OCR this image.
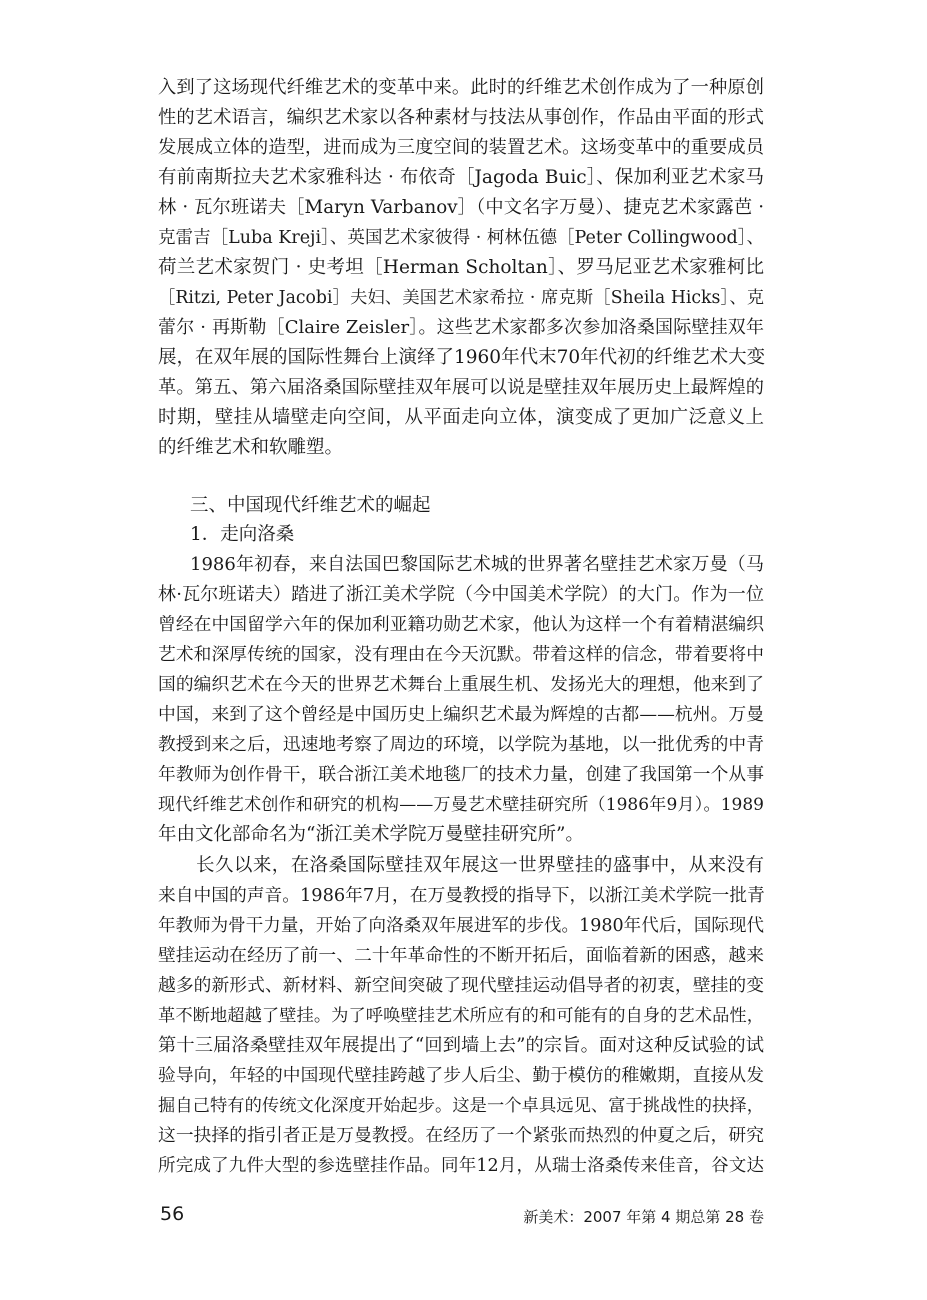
入到了这场现代纤维艺术的变革中来。此时的纤维艺术创作成为了一种原创
性的艺术语言，编织艺术家以各种素材与技法从事创作，作品由平面的形式
发展成立体的造型，进而成为三度空间的装置艺术。这场变革中的重要成员
有前南斯拉夫艺术家雅科达 · 布依奇［Jagoda Buic］、保加利亚艺术家马
林 · 瓦尔班诺夫［Maryn Varbanov］（中文名字万曼）、捷克艺术家露芭 ·
克雷吉［Luba Kreji］、英国艺术家彼得 · 柯林伍德［Peter Collingwood］、
荷兰艺术家贺门 · 史考坦［Herman Scholtan］、罗马尼亚艺术家雅柯比
［Ritzi, Peter Jacobi］夫妇、美国艺术家希拉 · 席克斯［Sheila Hicks］、克
蕾尔 · 再斯勒［Claire Zeisler］。这些艺术家都多次参加洛桑国际壁挂双年
展，在双年展的国际性舞台上演绎了1960年代末70年代初的纤维艺术大变
革。第五、第六届洛桑国际壁挂双年展可以说是壁挂双年展历史上最辉煌的
时期，壁挂从墙壁走向空间，从平面走向立体，演变成了更加广泛意义上
的纤维艺术和软雕塑。
三、中国现代纤维艺术的崛起
1．走向洛桑
1986年初春，来自法国巴黎国际艺术城的世界著名壁挂艺术家万曼（马
林·瓦尔班诺夫）踏进了浙江美术学院（今中国美术学院）的大门。作为一位
曾经在中国留学六年的保加利亚籍功勋艺术家，他认为这样一个有着精湛编织
艺术和深厚传统的国家，没有理由在今天沉默。带着这样的信念，带着要将中
国的编织艺术在今天的世界艺术舞台上重展生机、发扬光大的理想，他来到了
中国，来到了这个曾经是中国历史上编织艺术最为辉煌的古都——杭州。万曼
教授到来之后，迅速地考察了周边的环境，以学院为基地，以一批优秀的中青
年教师为创作骨干，联合浙江美术地毯厂的技术力量，创建了我国第一个从事
现代纤维艺术创作和研究的机构——万曼艺术壁挂研究所（1986年9月）。1989
年由文化部命名为“浙江美术学院万曼壁挂研究所”。
长久以来，在洛桑国际壁挂双年展这一世界壁挂的盛事中，从来没有
来自中国的声音。1986年7月，在万曼教授的指导下，以浙江美术学院一批青
年教师为骨干力量，开始了向洛桑双年展进军的步伐。1980年代后，国际现代
壁挂运动在经历了前一、二十年革命性的不断开拓后，面临着新的困惑，越来
越多的新形式、新材料、新空间突破了现代壁挂运动倡导者的初衷，壁挂的变
革不断地超越了壁挂。为了呼唤壁挂艺术所应有的和可能有的自身的艺术品性，
第十三届洛桑壁挂双年展提出了“回到墙上去”的宗旨。面对这种反试验的试
验导向，年轻的中国现代壁挂跨越了步人后尘、勤于模仿的稚嫩期，直接从发
掘自己特有的传统文化深度开始起步。这是一个卓具远见、富于挑战性的抉择，
这一抉择的指引者正是万曼教授。在经历了一个紧张而热烈的仲夏之后，研究
所完成了九件大型的参选壁挂作品。同年12月，从瑞士洛桑传来佳音，谷文达
56	新美术：2007 年第 4 期总第 28 卷
